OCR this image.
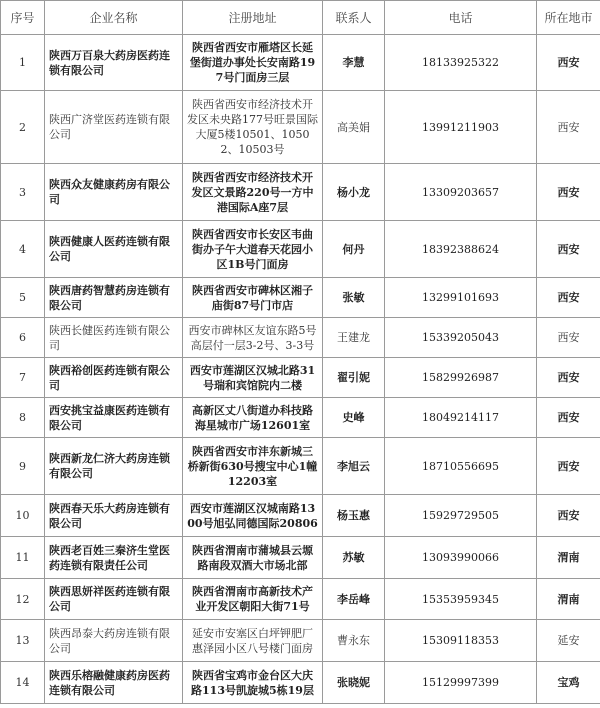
序号	企业名称	注册地址	联系人	电话	所在地市
1	陕西万百泉大药房医药连锁有限公司	陕西省西安市雁塔区长延堡街道办事处长安南路197号门面房三层	李慧	18133925322	西安
2	陕西广济堂医药连锁有限公司	陕西省西安市经济技术开发区未央路177号旺景国际大厦5楼10501、10502、10503号	高美娟	13991211903	西安
3	陕西众友健康药房有限公司	陕西省西安市经济技术开发区文景路220号一方中港国际A座7层	杨小龙	13309203657	西安
4	陕西健康人医药连锁有限公司	陕西省西安市长安区韦曲街办子午大道春天花园小区1B号门面房	何丹	18392388624	西安
5	陕西唐药智慧药房连锁有限公司	陕西省西安市碑林区湘子庙街87号门市店	张敏	13299101693	西安
6	陕西长健医药连锁有限公司	西安市碑林区友谊东路5号高层付一层3-2号、3-3号	王建龙	15339205043	西安
7	陕西裕创医药连锁有限公司	西安市莲湖区汉城北路31号瑞和宾馆院内二楼	翟引妮	15829926987	西安
8	西安挑宝益康医药连锁有限公司	高新区丈八街道办科技路海星城市广场12601室	史峰	18049214117	西安
9	陕西新龙仁济大药房连锁有限公司	陕西省西安市沣东新城三桥新街630号搜宝中心1幢12203室	李旭云	18710556695	西安
10	陕西春天乐大药房连锁有限公司	西安市莲湖区汉城南路1300号旭弘同德国际20806	杨玉惠	15929729505	西安
11	陕西老百姓三秦济生堂医药连锁有限责任公司	陕西省渭南市蒲城县云塬路南段双酒大市场北部	苏敏	13093990066	渭南
12	陕西思妍祥医药连锁有限公司	陕西省渭南市高新技术产业开发区朝阳大街71号	李岳峰	15353959345	渭南
13	陕西昂泰大药房连锁有限公司	延安市安塞区白坪钾肥厂惠泽园小区八号楼门面房	曹永东	15309118353	延安
14	陕西乐榕融健康药房医药连锁有限公司	陕西省宝鸡市金台区大庆路113号凯旋城5栋19层	张晓妮	15129997399	宝鸡
